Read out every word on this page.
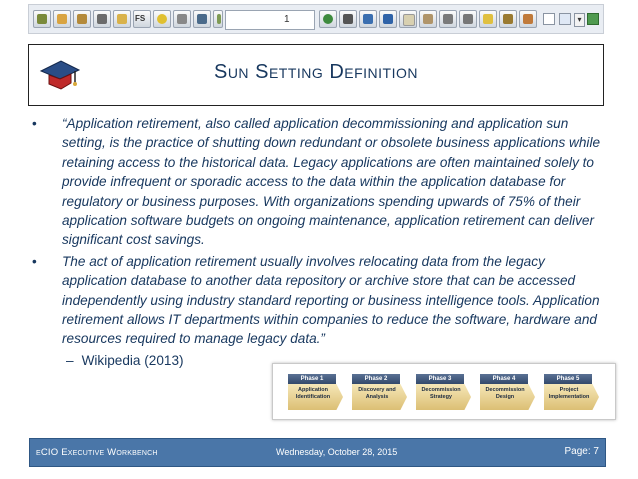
FS	1	▾
Sun Setting Definition
• “Application retirement, also called application decommissioning and application sun setting, is the practice of shutting down redundant or obsolete business applications while retaining access to the historical data. Legacy applications are often maintained solely to provide infrequent or sporadic access to the data within the application database for regulatory or business purposes. With organizations spending upwards of 75% of their application software budgets on ongoing maintenance, application retirement can deliver significant cost savings.
• The act of application retirement usually involves relocating data from the legacy application database to another data repository or archive store that can be accessed independently using industry standard reporting or business intelligence tools. Application retirement allows IT departments within companies to reduce the software, hardware and resources required to manage legacy data.”
– Wikipedia (2013)
Phase 1
Application Identification
Phase 2
Discovery and Analysis
Phase 3
Decommission Strategy
Phase 4
Decommission Design
Phase 5
Project Implementation
eCIO Executive Workbench	Wednesday, October 28, 2015	Page: 7
